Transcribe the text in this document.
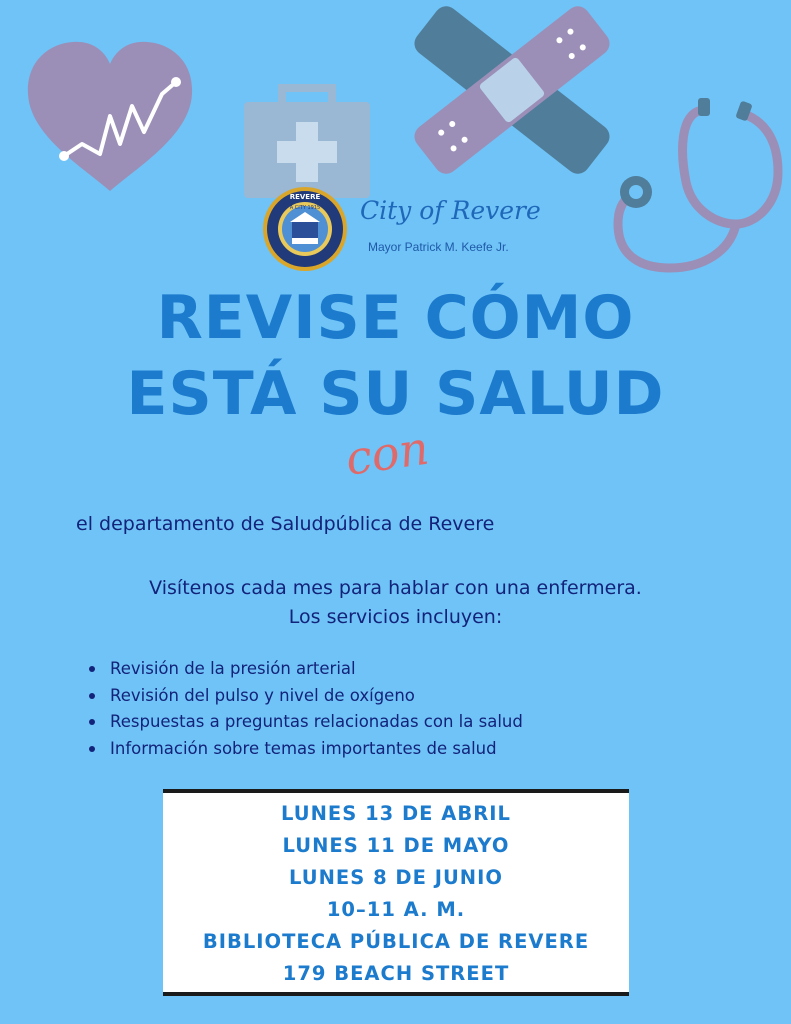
REVERE
A CITY 1915 City of Revere
Mayor Patrick M. Keefe Jr.
REVISE CÓMO
ESTÁ SU SALUD
con
el departamento de Saludpública de Revere
Visítenos cada mes para hablar con una enfermera.
Los servicios incluyen:
Revisión de la presión arterial
Revisión del pulso y nivel de oxígeno
Respuestas a preguntas relacionadas con la salud
Información sobre temas importantes de salud
LUNES 13 DE ABRIL
LUNES 11 DE MAYO
LUNES 8 DE JUNIO
10–11 A. M.
BIBLIOTECA PÚBLICA DE REVERE
179 BEACH STREET
